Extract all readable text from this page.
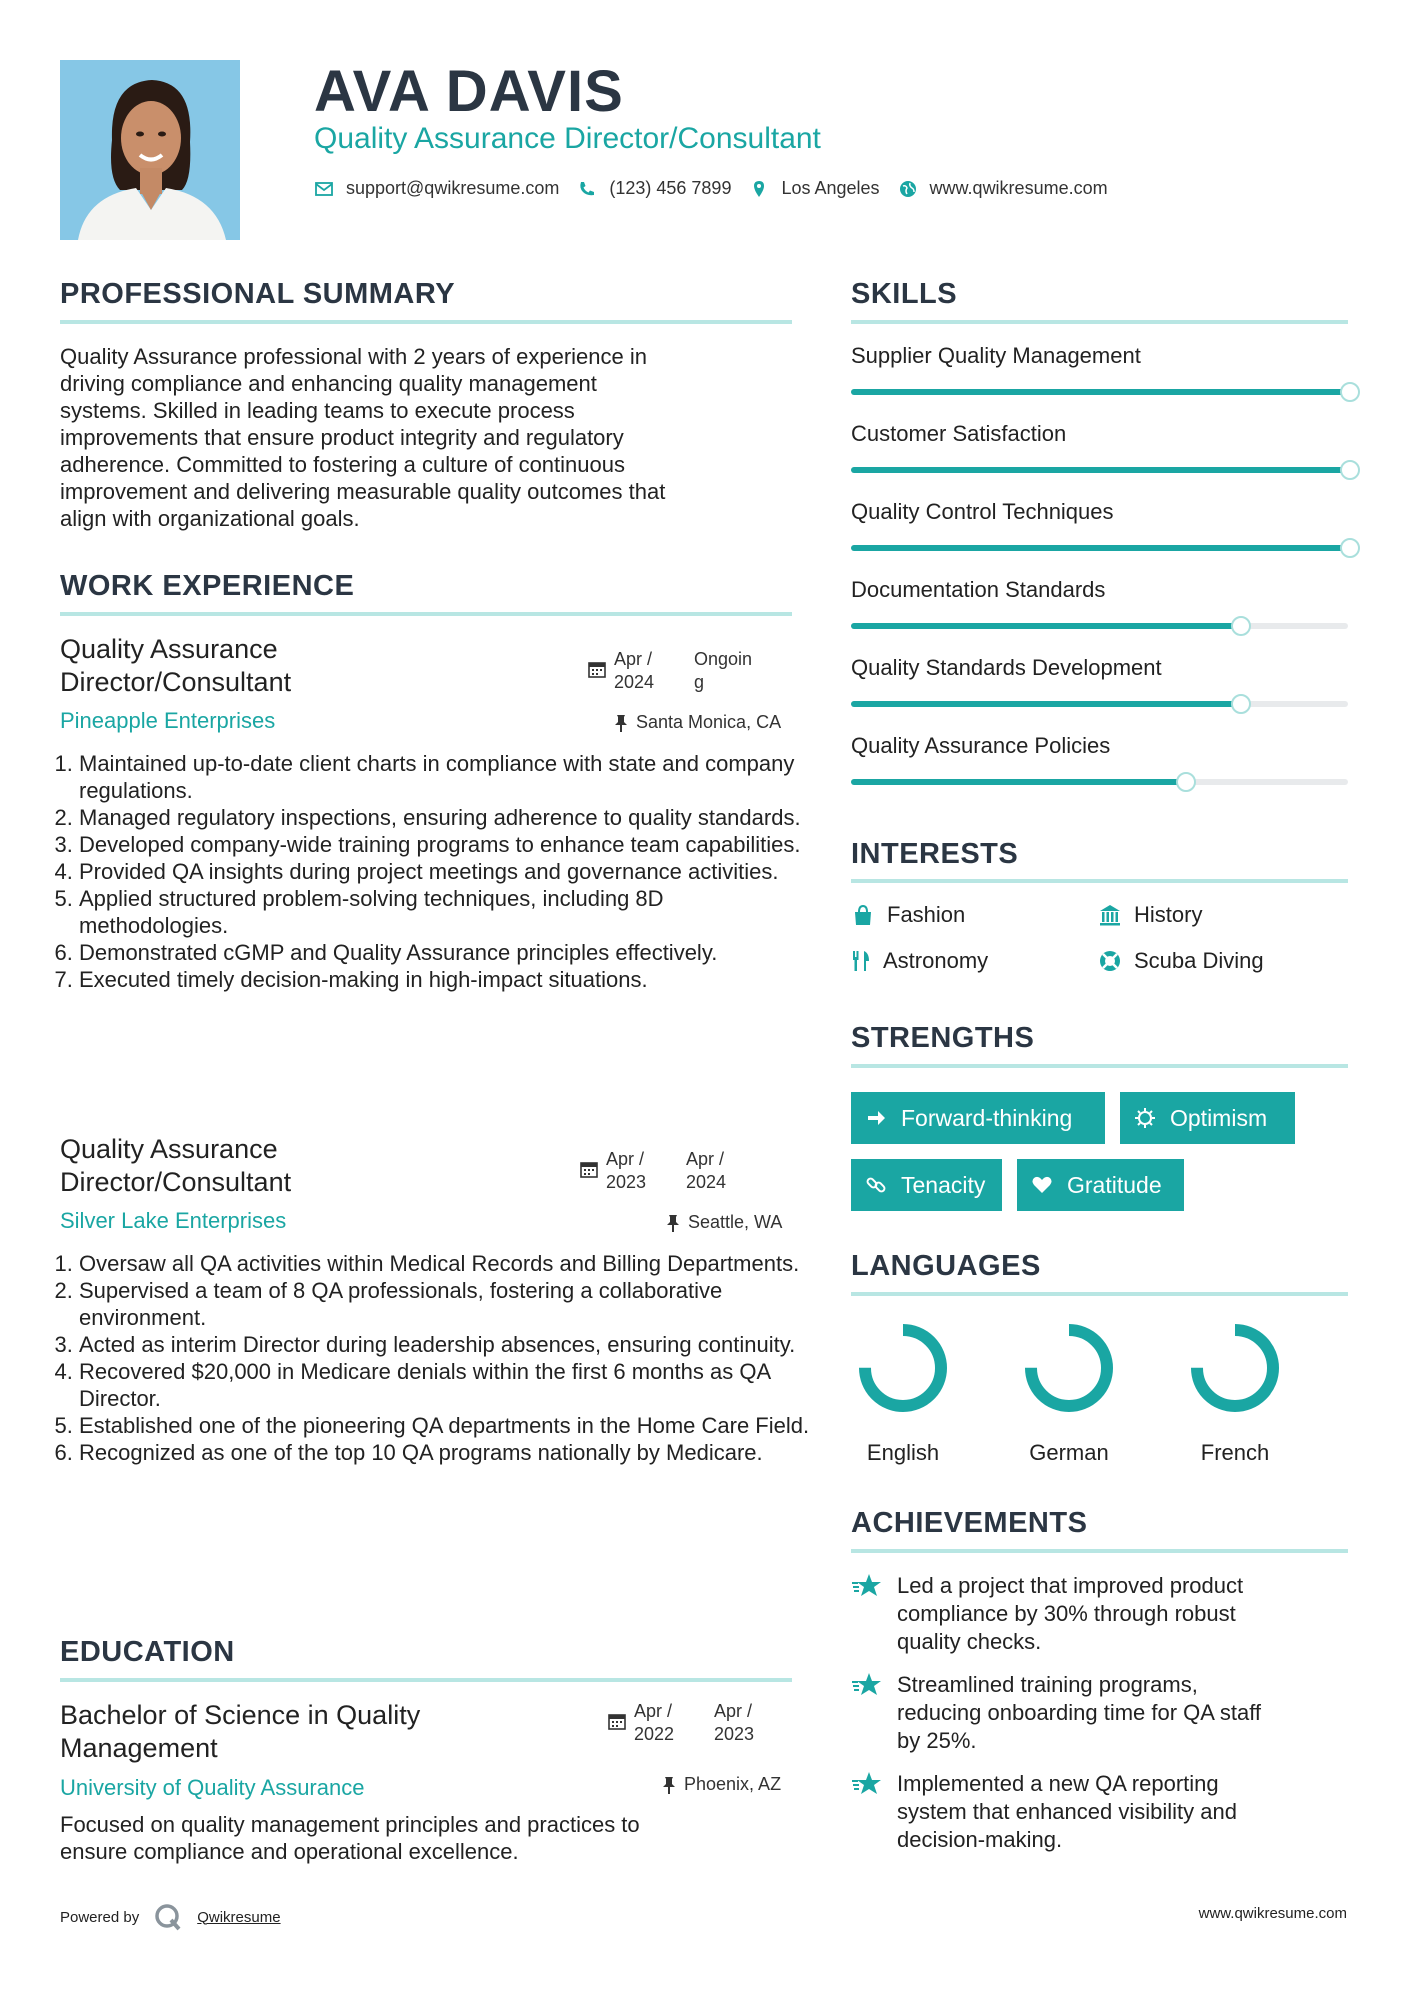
AVA DAVIS
Quality Assurance Director/Consultant
support@qwikresume.com	(123) 456 7899	Los Angeles	www.qwikresume.com
PROFESSIONAL SUMMARY
Quality Assurance professional with 2 years of experience in
driving compliance and enhancing quality management
systems. Skilled in leading teams to execute process
improvements that ensure product integrity and regulatory
adherence. Committed to fostering a culture of continuous
improvement and delivering measurable quality outcomes that
align with organizational goals.
WORK EXPERIENCE
Quality Assurance
Director/Consultant
Apr /
2024
Ongoin
g
Pineapple Enterprises	Santa Monica, CA
1. Maintained up-to-date client charts in compliance with state and company regulations.
2. Managed regulatory inspections, ensuring adherence to quality standards.
3. Developed company-wide training programs to enhance team capabilities.
4. Provided QA insights during project meetings and governance activities.
5. Applied structured problem-solving techniques, including 8D methodologies.
6. Demonstrated cGMP and Quality Assurance principles effectively.
7. Executed timely decision-making in high-impact situations.
Quality Assurance
Director/Consultant
Apr /
2023
Apr /
2024
Silver Lake Enterprises	Seattle, WA
1. Oversaw all QA activities within Medical Records and Billing Departments.
2. Supervised a team of 8 QA professionals, fostering a collaborative environment.
3. Acted as interim Director during leadership absences, ensuring continuity.
4. Recovered $20,000 in Medicare denials within the first 6 months as QA Director.
5. Established one of the pioneering QA departments in the Home Care Field.
6. Recognized as one of the top 10 QA programs nationally by Medicare.
EDUCATION
Bachelor of Science in Quality
Management
Apr /
2022
Apr /
2023
University of Quality Assurance	Phoenix, AZ
Focused on quality management principles and practices to
ensure compliance and operational excellence.
SKILLS
Supplier Quality Management
Customer Satisfaction
Quality Control Techniques
Documentation Standards
Quality Standards Development
Quality Assurance Policies
INTERESTS
Fashion	History
Astronomy	Scuba Diving
STRENGTHS
Forward-thinking	Optimism
Tenacity	Gratitude
LANGUAGES
English	German	French
ACHIEVEMENTS
Led a project that improved product
compliance by 30% through robust
quality checks.
Streamlined training programs,
reducing onboarding time for QA staff
by 25%.
Implemented a new QA reporting
system that enhanced visibility and
decision-making.
Powered by	Qwikresume	www.qwikresume.com
